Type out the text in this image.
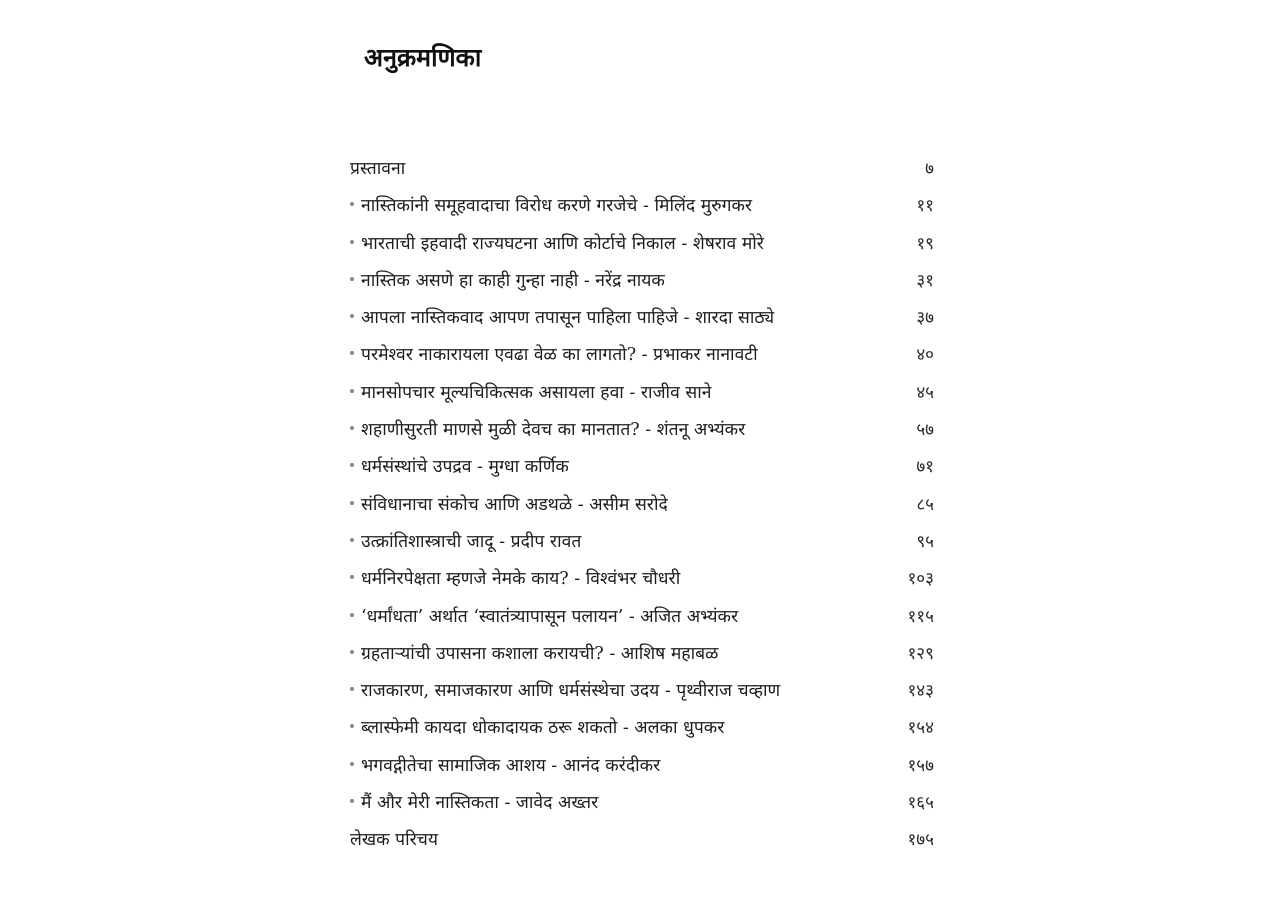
अनुक्रमणिका
प्रस्तावना	७
नास्तिकांनी समूहवादाचा विरोध करणे गरजेचे - मिलिंद मुरुगकर	११
भारताची इहवादी राज्यघटना आणि कोर्टाचे निकाल - शेषराव मोरे	१९
नास्तिक असणे हा काही गुन्हा नाही - नरेंद्र नायक	३१
आपला नास्तिकवाद आपण तपासून पाहिला पाहिजे - शारदा साठ्ये	३७
परमेश्वर नाकारायला एवढा वेळ का लागतो? - प्रभाकर नानावटी	४०
मानसोपचार मूल्यचिकित्सक असायला हवा - राजीव साने	४५
शहाणीसुरती माणसे मुळी देवच का मानतात? - शंतनू अभ्यंकर	५७
धर्मसंस्थांचे उपद्रव - मुग्धा कर्णिक	७१
संविधानाचा संकोच आणि अडथळे - असीम सरोदे	८५
उत्क्रांतिशास्त्राची जादू - प्रदीप रावत	९५
धर्मनिरपेक्षता म्हणजे नेमके काय? - विश्वंभर चौधरी	१०३
‘धर्मांधता’ अर्थात ‘स्वातंत्र्यापासून पलायन’ - अजित अभ्यंकर	११५
ग्रहताऱ्यांची उपासना कशाला करायची? - आशिष महाबळ	१२९
राजकारण, समाजकारण आणि धर्मसंस्थेचा उदय - पृथ्वीराज चव्हाण	१४३
ब्लास्फेमी कायदा धोकादायक ठरू शकतो - अलका धुपकर	१५४
भगवद्गीतेचा सामाजिक आशय - आनंद करंदीकर	१५७
मैं और मेरी नास्तिकता - जावेद अख्तर	१६५
लेखक परिचय	१७५
